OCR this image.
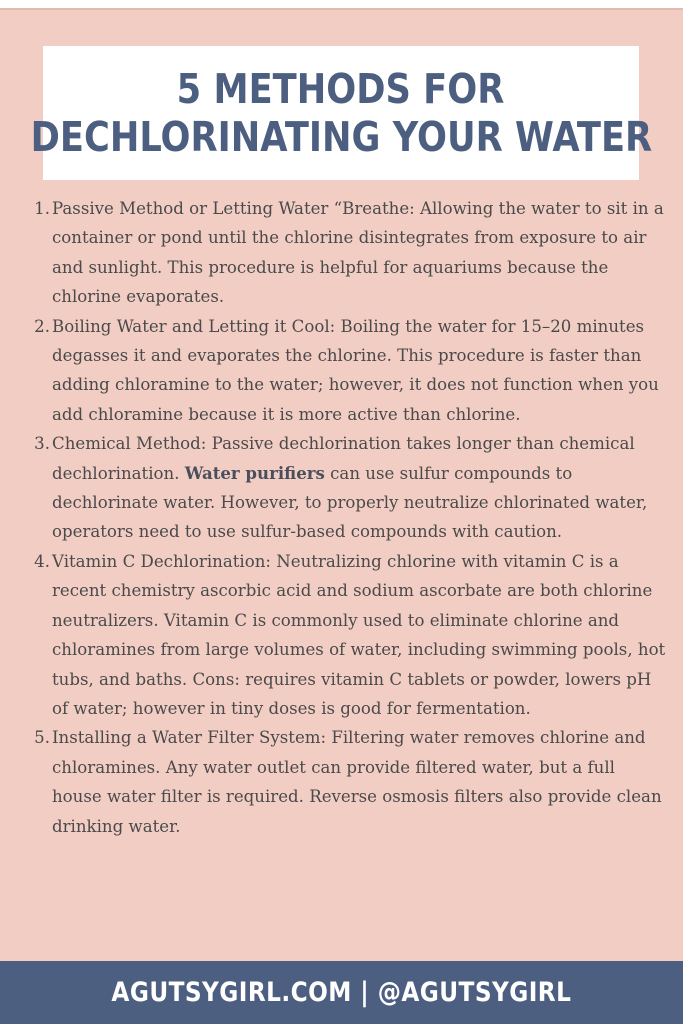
5 METHODS FOR
DECHLORINATING YOUR WATER
1. Passive Method or Letting Water “Breathe: Allowing the water to sit in a container or pond until the chlorine disintegrates from exposure to air and sunlight. This procedure is helpful for aquariums because the chlorine evaporates.
2. Boiling Water and Letting it Cool: Boiling the water for 15–20 minutes degasses it and evaporates the chlorine. This procedure is faster than adding chloramine to the water; however, it does not function when you add chloramine because it is more active than chlorine.
3. Chemical Method: Passive dechlorination takes longer than chemical dechlorination. Water purifiers can use sulfur compounds to dechlorinate water. However, to properly neutralize chlorinated water, operators need to use sulfur-based compounds with caution.
4. Vitamin C Dechlorination: Neutralizing chlorine with vitamin C is a recent chemistry ascorbic acid and sodium ascorbate are both chlorine neutralizers. Vitamin C is commonly used to eliminate chlorine and chloramines from large volumes of water, including swimming pools, hot tubs, and baths. Cons: requires vitamin C tablets or powder, lowers pH of water; however in tiny doses is good for fermentation.
5. Installing a Water Filter System: Filtering water removes chlorine and chloramines. Any water outlet can provide filtered water, but a full house water filter is required. Reverse osmosis filters also provide clean drinking water.
AGUTSYGIRL.COM | @AGUTSYGIRL
